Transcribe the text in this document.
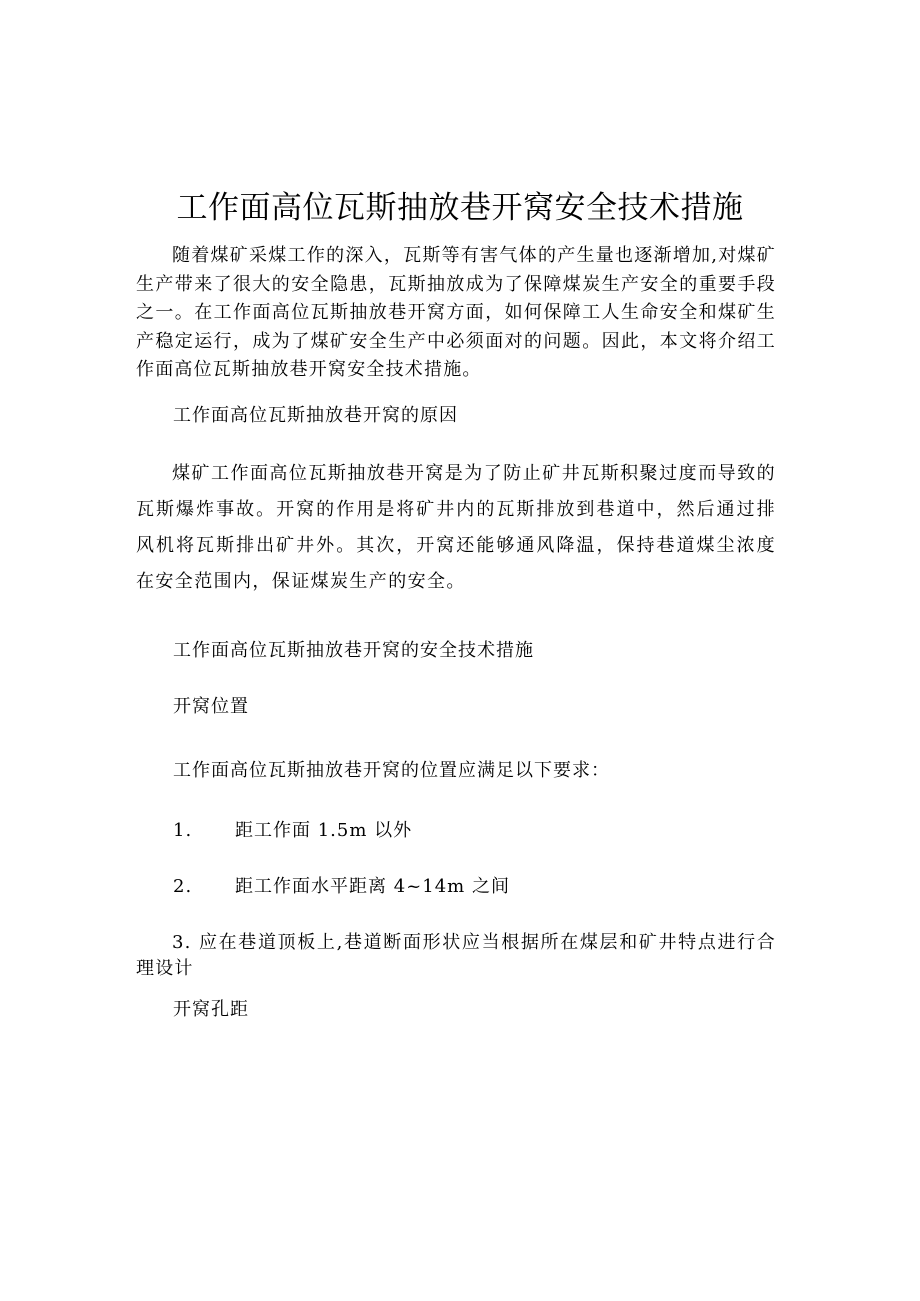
工作面高位瓦斯抽放巷开窝安全技术措施

随着煤矿采煤工作的深入，瓦斯等有害气体的产生量也逐渐增加,对煤矿生产带来了很大的安全隐患，瓦斯抽放成为了保障煤炭生产安全的重要手段之一。在工作面高位瓦斯抽放巷开窝方面，如何保障工人生命安全和煤矿生产稳定运行，成为了煤矿安全生产中必须面对的问题。因此，本文将介绍工作面高位瓦斯抽放巷开窝安全技术措施。

工作面高位瓦斯抽放巷开窝的原因

煤矿工作面高位瓦斯抽放巷开窝是为了防止矿井瓦斯积聚过度而导致的瓦斯爆炸事故。开窝的作用是将矿井内的瓦斯排放到巷道中，然后通过排风机将瓦斯排出矿井外。其次，开窝还能够通风降温，保持巷道煤尘浓度在安全范围内，保证煤炭生产的安全。

工作面高位瓦斯抽放巷开窝的安全技术措施

开窝位置

工作面高位瓦斯抽放巷开窝的位置应满足以下要求：

1. 距工作面 1.5m 以外

2. 距工作面水平距离 4~14m 之间

3. 应在巷道顶板上,巷道断面形状应当根据所在煤层和矿井特点进行合理设计

开窝孔距
